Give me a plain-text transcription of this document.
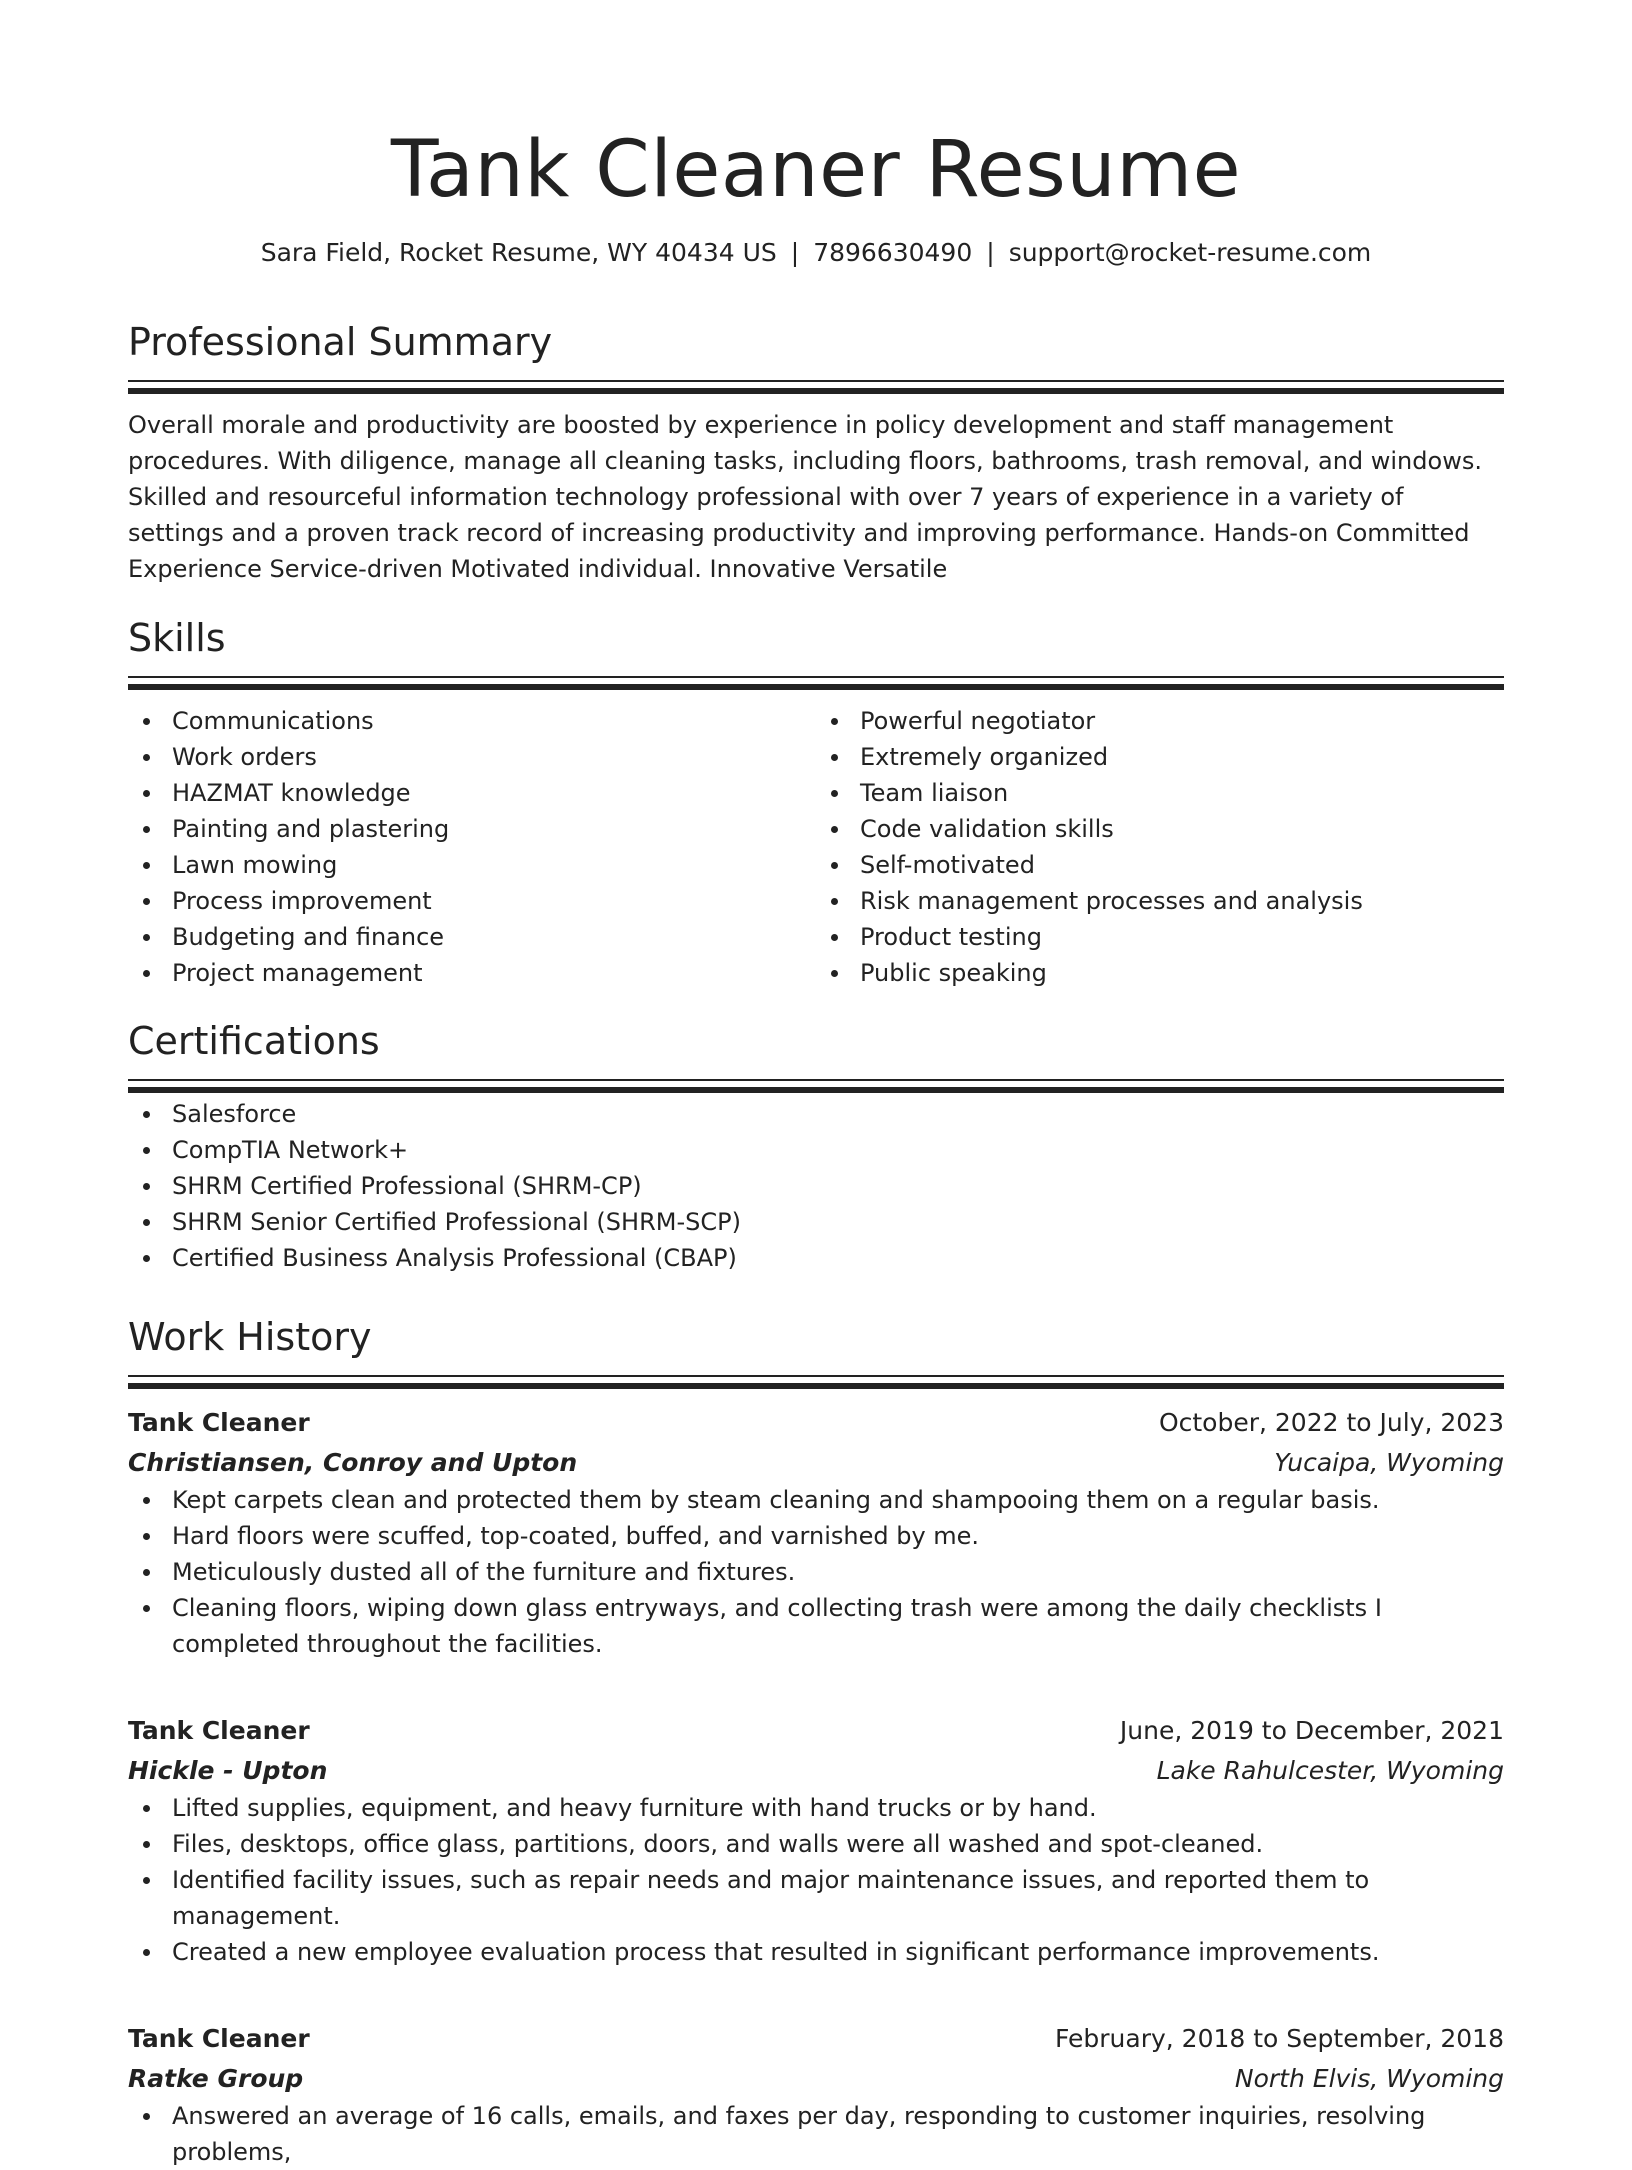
Tank Cleaner Resume
Sara Field, Rocket Resume, WY 40434 US | 7896630490 | support@rocket-resume.com
Professional Summary
Overall morale and productivity are boosted by experience in policy development and staff management procedures. With diligence, manage all cleaning tasks, including floors, bathrooms, trash removal, and windows. Skilled and resourceful information technology professional with over 7 years of experience in a variety of settings and a proven track record of increasing productivity and improving performance. Hands-on Committed Experience Service-driven Motivated individual. Innovative Versatile
Skills
Communications
Work orders
HAZMAT knowledge
Painting and plastering
Lawn mowing
Process improvement
Budgeting and finance
Project management
Powerful negotiator
Extremely organized
Team liaison
Code validation skills
Self-motivated
Risk management processes and analysis
Product testing
Public speaking
Certifications
Salesforce
CompTIA Network+
SHRM Certified Professional (SHRM-CP)
SHRM Senior Certified Professional (SHRM-SCP)
Certified Business Analysis Professional (CBAP)
Work History
Tank Cleaner	October, 2022 to July, 2023
Christiansen, Conroy and Upton	Yucaipa, Wyoming
Kept carpets clean and protected them by steam cleaning and shampooing them on a regular basis.
Hard floors were scuffed, top-coated, buffed, and varnished by me.
Meticulously dusted all of the furniture and fixtures.
Cleaning floors, wiping down glass entryways, and collecting trash were among the daily checklists I completed throughout the facilities.
Tank Cleaner	June, 2019 to December, 2021
Hickle - Upton	Lake Rahulcester, Wyoming
Lifted supplies, equipment, and heavy furniture with hand trucks or by hand.
Files, desktops, office glass, partitions, doors, and walls were all washed and spot-cleaned.
Identified facility issues, such as repair needs and major maintenance issues, and reported them to management.
Created a new employee evaluation process that resulted in significant performance improvements.
Tank Cleaner	February, 2018 to September, 2018
Ratke Group	North Elvis, Wyoming
Answered an average of 16 calls, emails, and faxes per day, responding to customer inquiries, resolving problems,
